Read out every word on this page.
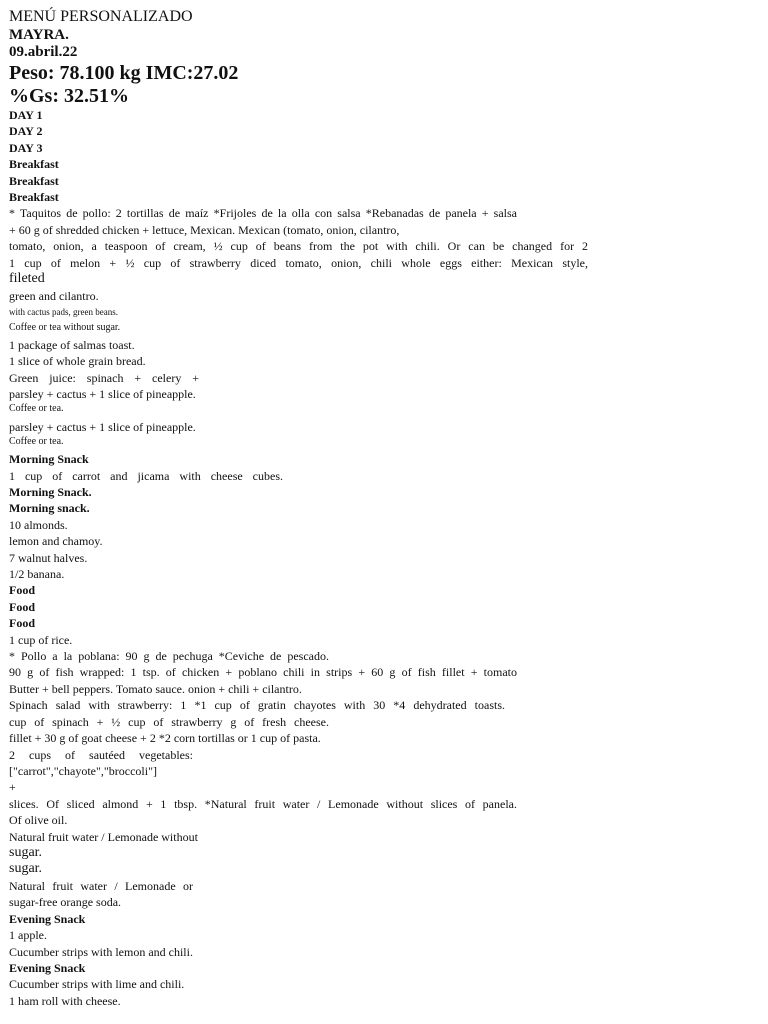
MENÚ PERSONALIZADO
MAYRA.
09.abril.22
Peso: 78.100 kg IMC:27.02
%Gs: 32.51%
DAY 1
DAY 2
DAY 3
Breakfast
Breakfast
Breakfast
* Taquitos de pollo: 2 tortillas de maíz *Frijoles de la olla con salsa *Rebanadas de panela + salsa
+ 60 g of shredded chicken + lettuce, Mexican. Mexican (tomato, onion, cilantro,
tomato, onion, a teaspoon of cream, ½ cup of beans from the pot with chili. Or can be changed for 2
1 cup of melon + ½ cup of strawberry diced tomato, onion, chili whole eggs either: Mexican style,
fileted
green and cilantro.
with cactus pads, green beans.
Coffee or tea without sugar.
1 package of salmas toast.
1 slice of whole grain bread.
Green juice: spinach + celery +
parsley + cactus + 1 slice of pineapple.
Coffee or tea.
parsley + cactus + 1 slice of pineapple.
Coffee or tea.
Morning Snack
1 cup of carrot and jicama with cheese cubes.
Morning Snack.
Morning snack.
10 almonds.
lemon and chamoy.
7 walnut halves.
1/2 banana.
Food
Food
Food
1 cup of rice.
* Pollo a la poblana: 90 g de pechuga *Ceviche de pescado.
90 g of fish wrapped: 1 tsp. of chicken + poblano chili in strips + 60 g of fish fillet + tomato
Butter + bell peppers. Tomato sauce. onion + chili + cilantro.
Spinach salad with strawberry: 1 *1 cup of gratin chayotes with 30 *4 dehydrated toasts.
cup of spinach + ½ cup of strawberry g of fresh cheese.
fillet + 30 g of goat cheese + 2 *2 corn tortillas or 1 cup of pasta.
2 cups of sautéed vegetables:
["carrot","chayote","broccoli"]
+
slices. Of sliced almond + 1 tbsp. *Natural fruit water / Lemonade without slices of panela.
Of olive oil.
Natural fruit water / Lemonade without
sugar.
sugar.
Natural fruit water / Lemonade or
sugar-free orange soda.
Evening Snack
1 apple.
Cucumber strips with lemon and chili.
Evening Snack
Cucumber strips with lime and chili.
1 ham roll with cheese.
